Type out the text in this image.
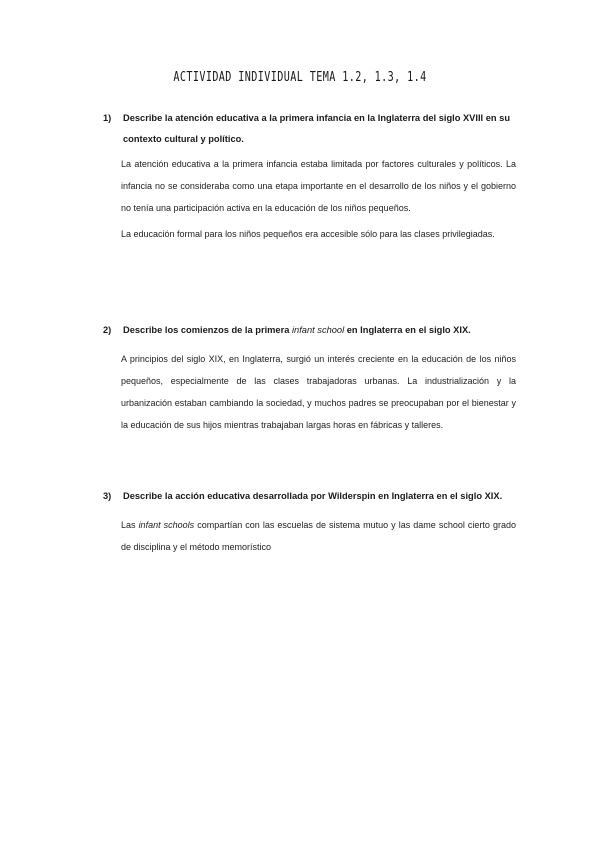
ACTIVIDAD INDIVIDUAL TEMA 1.2, 1.3, 1.4
1)	Describe la atención educativa a la primera infancia en la Inglaterra del siglo XVIII en su contexto cultural y político.

La atención educativa a la primera infancia estaba limitada por factores culturales y políticos. La infancia no se consideraba como una etapa importante en el desarrollo de los niños y el gobierno no tenía una participación activa en la educación de los niños pequeños.

La educación formal para los niños pequeños era accesible sólo para las clases privilegiadas.

2)	Describe los comienzos de la primera infant school en Inglaterra en el siglo XIX.

A principios del siglo XIX, en Inglaterra, surgió un interés creciente en la educación de los niños pequeños, especialmente de las clases trabajadoras urbanas. La industrialización y la urbanización estaban cambiando la sociedad, y muchos padres se preocupaban por el bienestar y la educación de sus hijos mientras trabajaban largas horas en fábricas y talleres.

3)	Describe la acción educativa desarrollada por Wilderspin en Inglaterra en el siglo XIX.

Las infant schools compartían con las escuelas de sistema mutuo y las dame school cierto grado de disciplina y el método memorístico
